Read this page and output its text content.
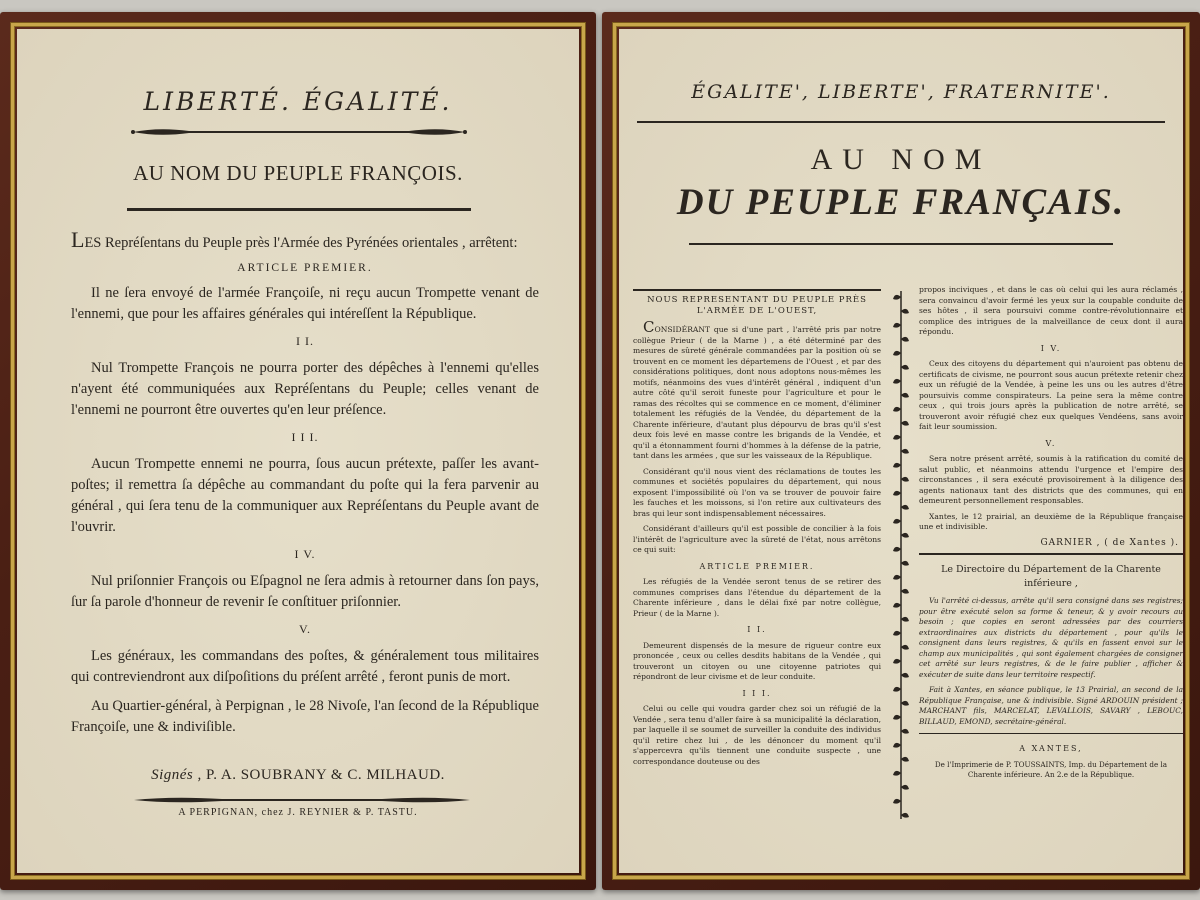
LIBERTÉ. ÉGALITÉ.
AU NOM DU PEUPLE FRANÇOIS.

LES Repréſentans du Peuple près l'Armée des Pyrénées orientales , arrêtent:

ARTICLE PREMIER.

Il ne ſera envoyé de l'armée Françoiſe, ni reçu aucun Trompette venant de l'ennemi, que pour les affaires générales qui intéreſſent la République.

I I.

Nul Trompette François ne pourra porter des dépêches à l'ennemi qu'elles n'ayent été communiquées aux Repréſentans du Peuple; celles venant de l'ennemi ne pourront être ouvertes qu'en leur préſence.

I I I.

Aucun Trompette ennemi ne pourra, ſous aucun prétexte, paſſer les avant-poſtes; il remettra ſa dépêche au commandant du poſte qui la fera parvenir au général , qui ſera tenu de la communiquer aux Repréſentans du Peuple avant de l'ouvrir.

I V.

Nul priſonnier François ou Eſpagnol ne ſera admis à retourner dans ſon pays, ſur ſa parole d'honneur de revenir ſe conſtituer priſonnier.

V.

Les généraux, les commandans des poſtes, & généralement tous militaires qui contreviendront aux diſpoſitions du préſent arrêté , feront punis de mort.

Au Quartier-général, à Perpignan , le 28 Nivoſe, l'an ſecond de la République Françoiſe, une & indiviſible.

Signés , P. A. SOUBRANY & C. MILHAUD.
A PERPIGNAN, chez J. REYNIER & P. TASTU.
ÉGALITE', LIBERTE', FRATERNITE'.
AU NOM
DU PEUPLE FRANÇAIS.

NOUS REPRESENTANT DU PEUPLE PRÈS L'ARMÉE DE L'OUEST,

CONSIDÉRANT que si d'une part , l'arrêté pris par notre collègue Prieur ( de la Marne ) , a été déterminé par des mesures de sûreté générale commandées par la position où se trouvent en ce moment les départemens de l'Ouest , et par des considérations politiques, dont nous adoptons nous-mêmes les motifs, néanmoins des vues d'intérêt général , indiquent d'un autre côté qu'il seroit funeste pour l'agriculture et pour le ramas des récoltes qui se commence en ce moment, d'éliminer totalement les réfugiés de la Vendée, du département de la Charente inférieure, d'autant plus dépourvu de bras qu'il s'est deux fois levé en masse contre les brigands de la Vendée, et qu'il a étonnamment fourni d'hommes à la défense de la patrie, tant dans les armées , que sur les vaisseaux de la République.

Considérant qu'il nous vient des réclamations de toutes les communes et sociétés populaires du département, qui nous exposent l'impossibilité où l'on va se trouver de pouvoir faire les fauches et les moissons, si l'on retire aux cultivateurs des bras qui leur sont indispensablement nécessaires.

Considérant d'ailleurs qu'il est possible de concilier à la fois l'intérêt de l'agriculture avec la sûreté de l'état, nous arrêtons ce qui suit:

ARTICLE PREMIER.

Les réfugiés de la Vendée seront tenus de se retirer des communes comprises dans l'étendue du département de la Charente inférieure , dans le délai fixé par notre collègue, Prieur ( de la Marne ).

I I.

Demeurent dispensés de la mesure de rigueur contre eux prononcée , ceux ou celles desdits habitans de la Vendée , qui trouveront un citoyen ou une citoyenne patriotes qui répondront de leur civisme et de leur conduite.

I I I.

Celui ou celle qui voudra garder chez soi un réfugié de la Vendée , sera tenu d'aller faire à sa municipalité la déclaration, par laquelle il se soumet de surveiller la conduite des individus qu'il retire chez lui , de les dénoncer du moment qu'il s'appercevra qu'ils tiennent une conduite suspecte , une correspondance douteuse ou des

propos inciviques , et dans le cas où celui qui les aura réclamés , sera convaincu d'avoir fermé les yeux sur la coupable conduite de ses hôtes , il sera poursuivi comme contre-révolutionnaire et complice des intrigues de la malveillance de ceux dont il aura répondu.

I V.

Ceux des citoyens du département qui n'auroient pas obtenu de certificats de civisme, ne pourront sous aucun prétexte retenir chez eux un réfugié de la Vendée, à peine les uns ou les autres d'être poursuivis comme conspirateurs. La peine sera la même contre ceux , qui trois jours après la publication de notre arrêté, se trouveront avoir réfugié chez eux quelques Vendéens, sans avoir fait leur soumission.

V.

Sera notre présent arrêté, soumis à la ratification du comité de salut public, et néanmoins attendu l'urgence et l'empire des circonstances , il sera exécuté provisoirement à la diligence des agents nationaux tant des districts que des communes, qui en demeurent personnellement responsables.

Xantes, le 12 prairial, an deuxième de la République française une et indivisible.

GARNIER , ( de Xantes ).

Le Directoire du Département de la Charente inférieure ,

Vu l'arrêté ci-dessus, arrête qu'il sera consigné dans ses registres; pour être exécuté selon sa forme & teneur, & y avoir recours au besoin ; que copies en seront adressées par des courriers extraordinaires aux districts du département , pour qu'ils le consignent dans leurs registres, & qu'ils en fassent envoi sur le champ aux municipalités , qui sont également chargées de consigner cet arrêté sur leurs registres, & de le faire publier , afficher & exécuter de suite dans leur territoire respectif.

Fait à Xantes, en séance publique, le 13 Prairial, an second de la République Française, une & indivisible. Signé ARDOUIN président ; MARCHANT fils, MARCELAT, LEVALLOIS, SAVARY , LEBOUC, BILLAUD, EMOND, secrétaire-général.

A XANTES,

De l'Imprimerie de P. TOUSSAINTS, Imp. du Département de la Charente inférieure. An 2.e de la République.
